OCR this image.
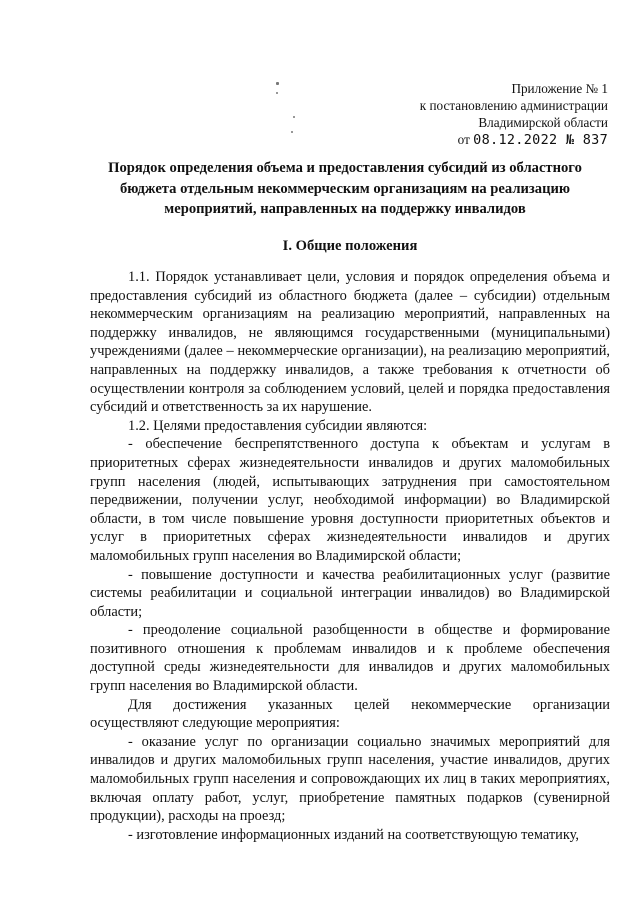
Приложение № 1
к постановлению администрации
Владимирской области
от 08.12.2022 № 837
Порядок определения объема и предоставления субсидий из областного бюджета отдельным некоммерческим организациям на реализацию мероприятий, направленных на поддержку инвалидов
I. Общие положения

1.1. Порядок устанавливает цели, условия и порядок определения объема и предоставления субсидий из областного бюджета (далее – субсидии) отдельным некоммерческим организациям на реализацию мероприятий, направленных на поддержку инвалидов, не являющимся государственными (муниципальными) учреждениями (далее – некоммерческие организации), на реализацию мероприятий, направленных на поддержку инвалидов, а также требования к отчетности об осуществлении контроля за соблюдением условий, целей и порядка предоставления субсидий и ответственность за их нарушение.

1.2. Целями предоставления субсидии являются:

- обеспечение беспрепятственного доступа к объектам и услугам в приоритетных сферах жизнедеятельности инвалидов и других маломобильных групп населения (людей, испытывающих затруднения при самостоятельном передвижении, получении услуг, необходимой информации) во Владимирской области, в том числе повышение уровня доступности приоритетных объектов и услуг в приоритетных сферах жизнедеятельности инвалидов и других маломобильных групп населения во Владимирской области;

- повышение доступности и качества реабилитационных услуг (развитие системы реабилитации и социальной интеграции инвалидов) во Владимирской области;

- преодоление социальной разобщенности в обществе и формирование позитивного отношения к проблемам инвалидов и к проблеме обеспечения доступной среды жизнедеятельности для инвалидов и других маломобильных групп населения во Владимирской области.

Для достижения указанных целей некоммерческие организации осуществляют следующие мероприятия:

- оказание услуг по организации социально значимых мероприятий для инвалидов и других маломобильных групп населения, участие инвалидов, других маломобильных групп населения и сопровождающих их лиц в таких мероприятиях, включая оплату работ, услуг, приобретение памятных подарков (сувенирной продукции), расходы на проезд;

- изготовление информационных изданий на соответствующую тематику,
